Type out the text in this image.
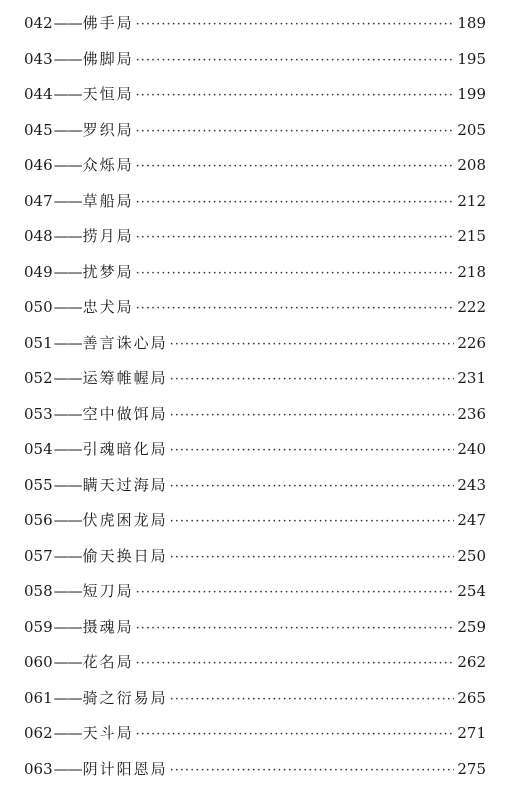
042 —— 佛手局 ·····	189
043 —— 佛脚局 ·····	195
044 —— 天恒局 ·····	199
045 —— 罗织局 ·····	205
046 —— 众烁局 ·····	208
047 —— 草船局 ·····	212
048 —— 捞月局 ·····	215
049 —— 扰梦局 ·····	218
050 —— 忠犬局 ·····	222
051 —— 善言诛心局 ·····	226
052 —— 运筹帷幄局 ·····	231
053 —— 空中做饵局 ·····	236
054 —— 引魂暗化局 ·····	240
055 —— 瞒天过海局 ·····	243
056 —— 伏虎困龙局 ·····	247
057 —— 偷天换日局 ·····	250
058 —— 短刀局 ·····	254
059 —— 摄魂局 ·····	259
060 —— 花名局 ·····	262
061 —— 骑之衍易局 ·····	265
062 —— 天斗局 ·····	271
063 —— 阴计阳恩局 ·····	275
